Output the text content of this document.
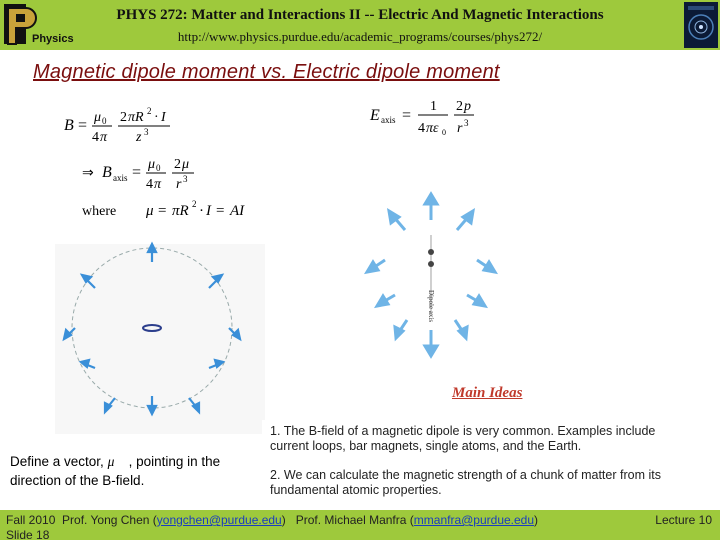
Physics
PHYS 272: Matter and Interactions II -- Electric And Magnetic Interactions
http://www.physics.purdue.edu/academic_programs/courses/phys272/
Magnetic dipole moment vs. Electric dipole moment
B = μ 0
4 π
2 πR 2 · I
z 3
⇒ B axis = μ 0
4 π
2 μ
r 3
where μ = πR 2 · I = AI
E axis =
1
4 πε 0
2 p
r 3
Dipole axis
Main Ideas
1. The B-field of a magnetic dipole is very common. Examples include
current loops, bar magnets, single atoms, and the Earth.
2. We can calculate the magnetic strength of a chunk of matter from its
fundamental atomic properties.
Define a vector, μ⃗ , pointing in the direction of the B-field.
Fall 2010  Prof. Yong Chen (yongchen@purdue.edu)   Prof. Michael Manfra (mmanfra@purdue.edu)	Lecture 10
Slide 18
